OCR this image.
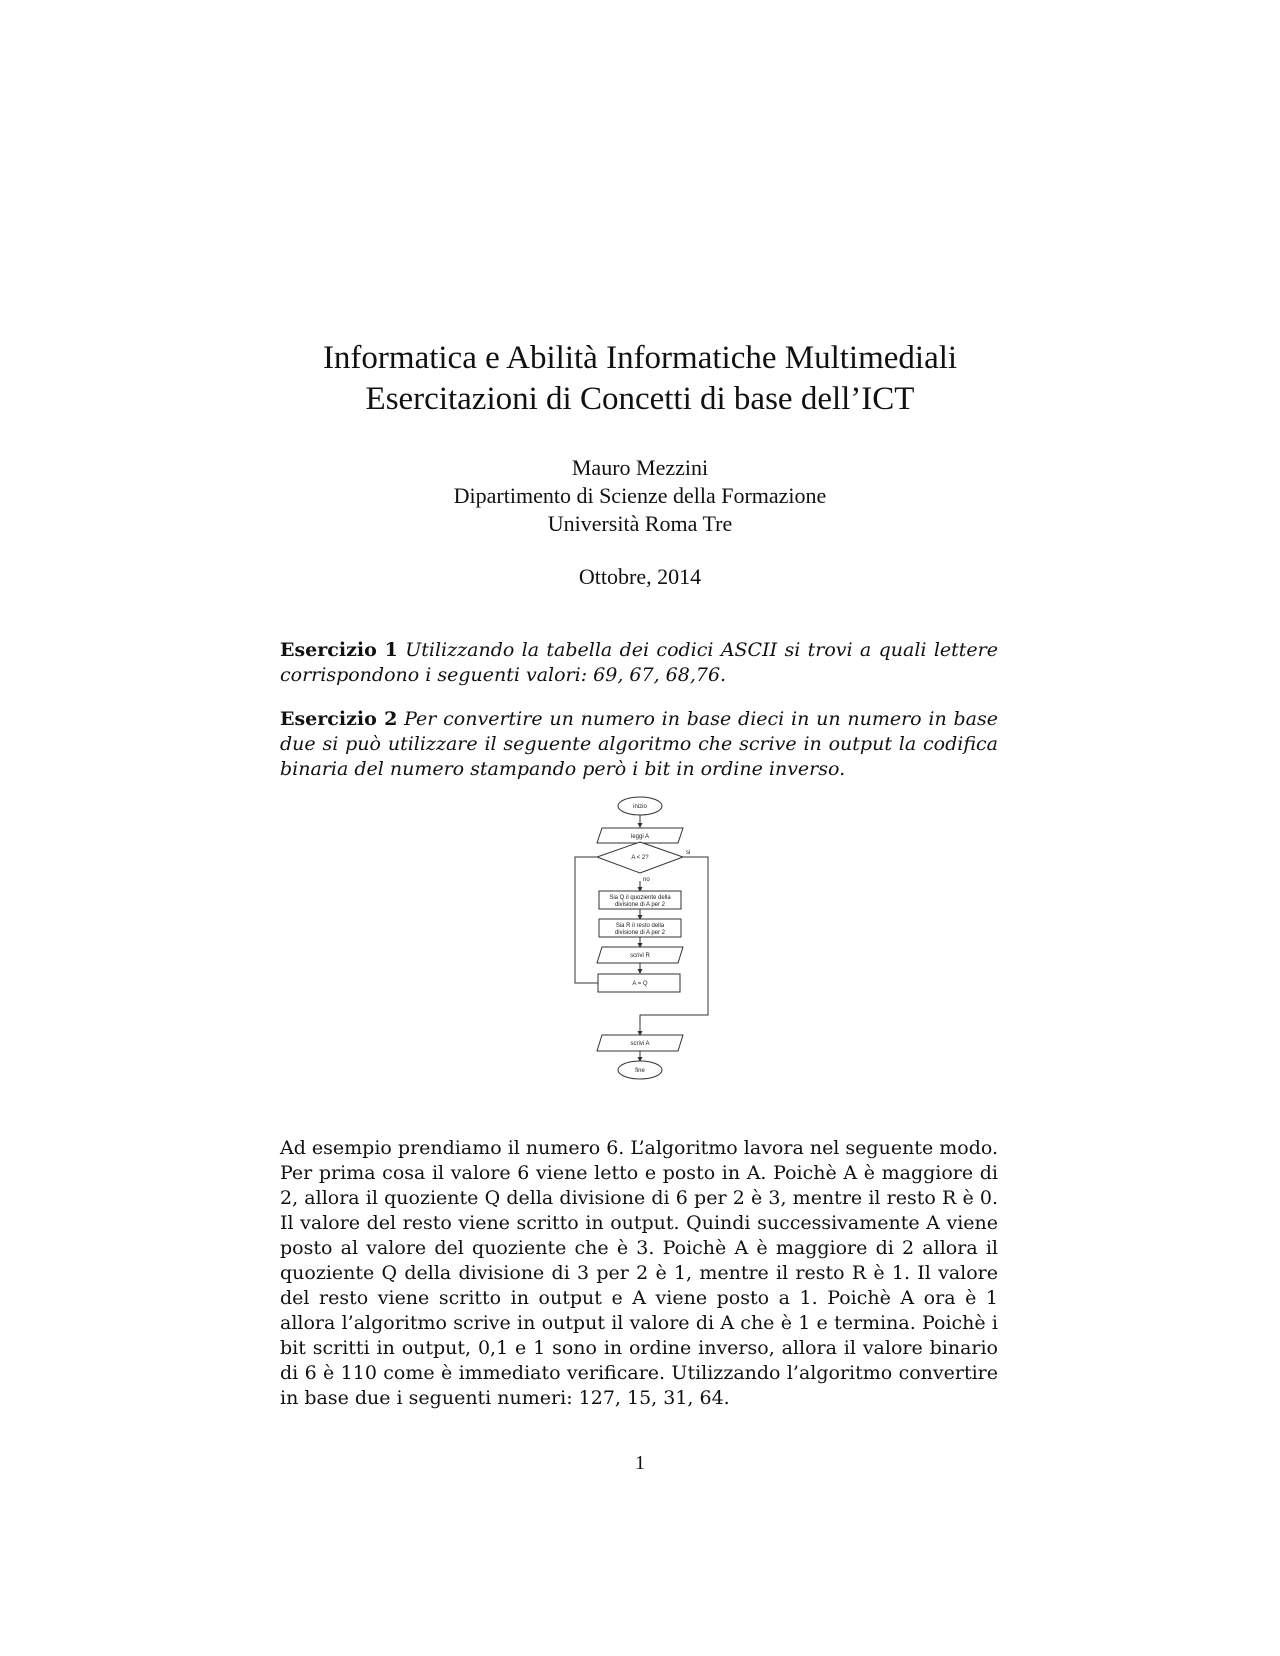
Informatica e Abilità Informatiche Multimediali
Esercitazioni di Concetti di base dell’ICT
Mauro Mezzini
Dipartimento di Scienze della Formazione
Università Roma Tre
Ottobre, 2014

Esercizio 1 Utilizzando la tabella dei codici ASCII si trovi a quali lettere corrispondono i seguenti valori: 69, 67, 68,76.

Esercizio 2 Per convertire un numero in base dieci in un numero in base due si può utilizzare il seguente algoritmo che scrive in output la codifica binaria del numero stampando però i bit in ordine inverso.

inizio
leggi A
A < 2?
si
no
Sia Q il quoziente della
divisione di A per 2
Sia R il resto della
divisione di A per 2
scrivi R
A = Q
scrivi A
fine

Ad esempio prendiamo il numero 6. L’algoritmo lavora nel seguente modo. Per prima cosa il valore 6 viene letto e posto in A. Poichè A è maggiore di 2, allora il quoziente Q della divisione di 6 per 2 è 3, mentre il resto R è 0. Il valore del resto viene scritto in output. Quindi successivamente A viene posto al valore del quoziente che è 3. Poichè A è maggiore di 2 allora il quoziente Q della divisione di 3 per 2 è 1, mentre il resto R è 1. Il valore del resto viene scritto in output e A viene posto a 1. Poichè A ora è 1 allora l’algoritmo scrive in output il valore di A che è 1 e termina. Poichè i bit scritti in output, 0,1 e 1 sono in ordine inverso, allora il valore binario di 6 è 110 come è immediato verificare. Utilizzando l’algoritmo convertire in base due i seguenti numeri: 127, 15, 31, 64.

1
